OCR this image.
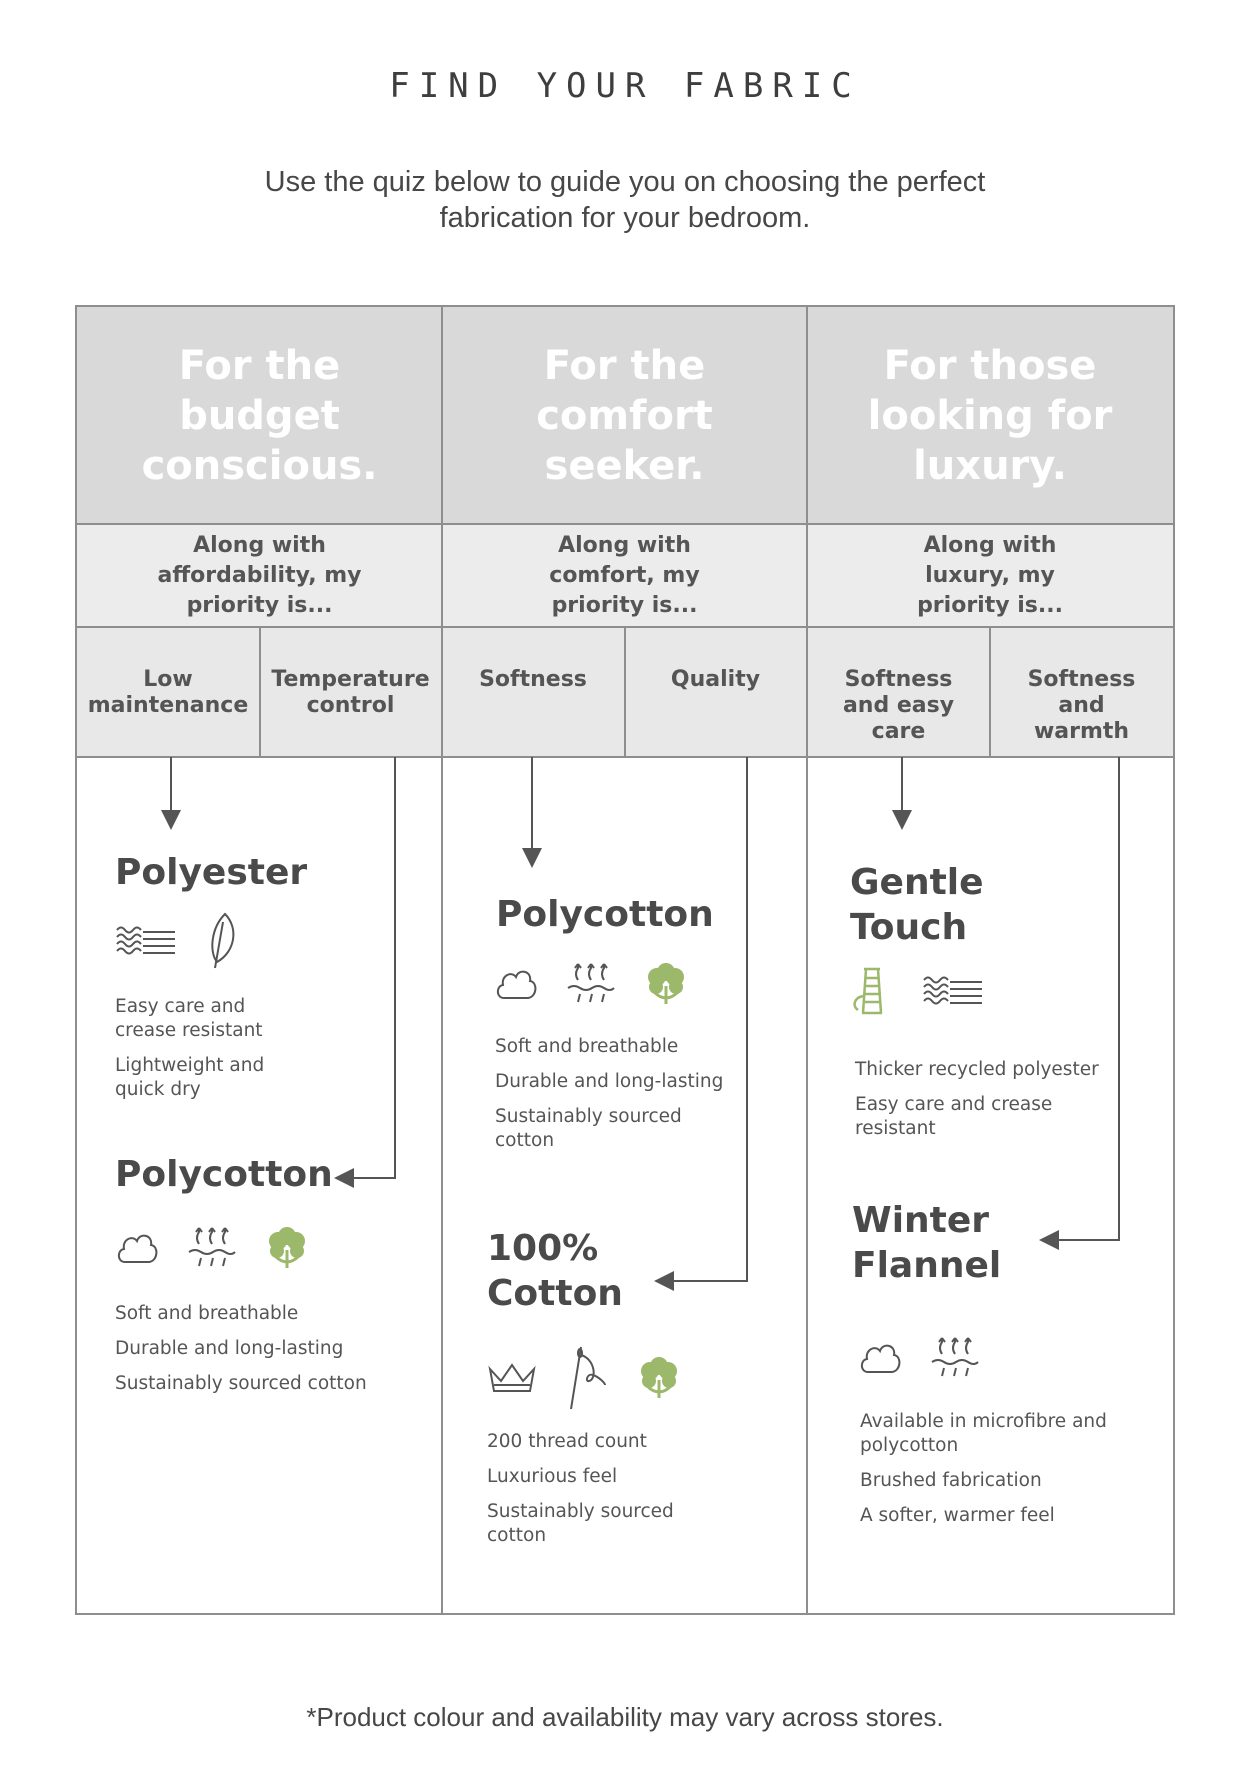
FIND YOUR FABRIC
Use the quiz below to guide you on choosing the perfect fabrication for your bedroom.
For the budget conscious.
For the comfort seeker.
For those looking for luxury.
Along with affordability, my priority is...
Along with comfort, my priority is...
Along with luxury, my priority is...
Low maintenance
Temperature control
Softness	Quality	Softness and easy care
Softness and warmth
Polyester
Easy care and crease resistant
Lightweight and quick dry
Polycotton
Soft and breathable
Durable and long-lasting
Sustainably sourced cotton
Polycotton
Soft and breathable
Durable and long-lasting
Sustainably sourced cotton
100% Cotton
200 thread count
Luxurious feel
Sustainably sourced cotton
Gentle Touch
Thicker recycled polyester
Easy care and crease resistant
Winter Flannel
Available in microfibre and polycotton
Brushed fabrication
A softer, warmer feel
*Product colour and availability may vary across stores.
